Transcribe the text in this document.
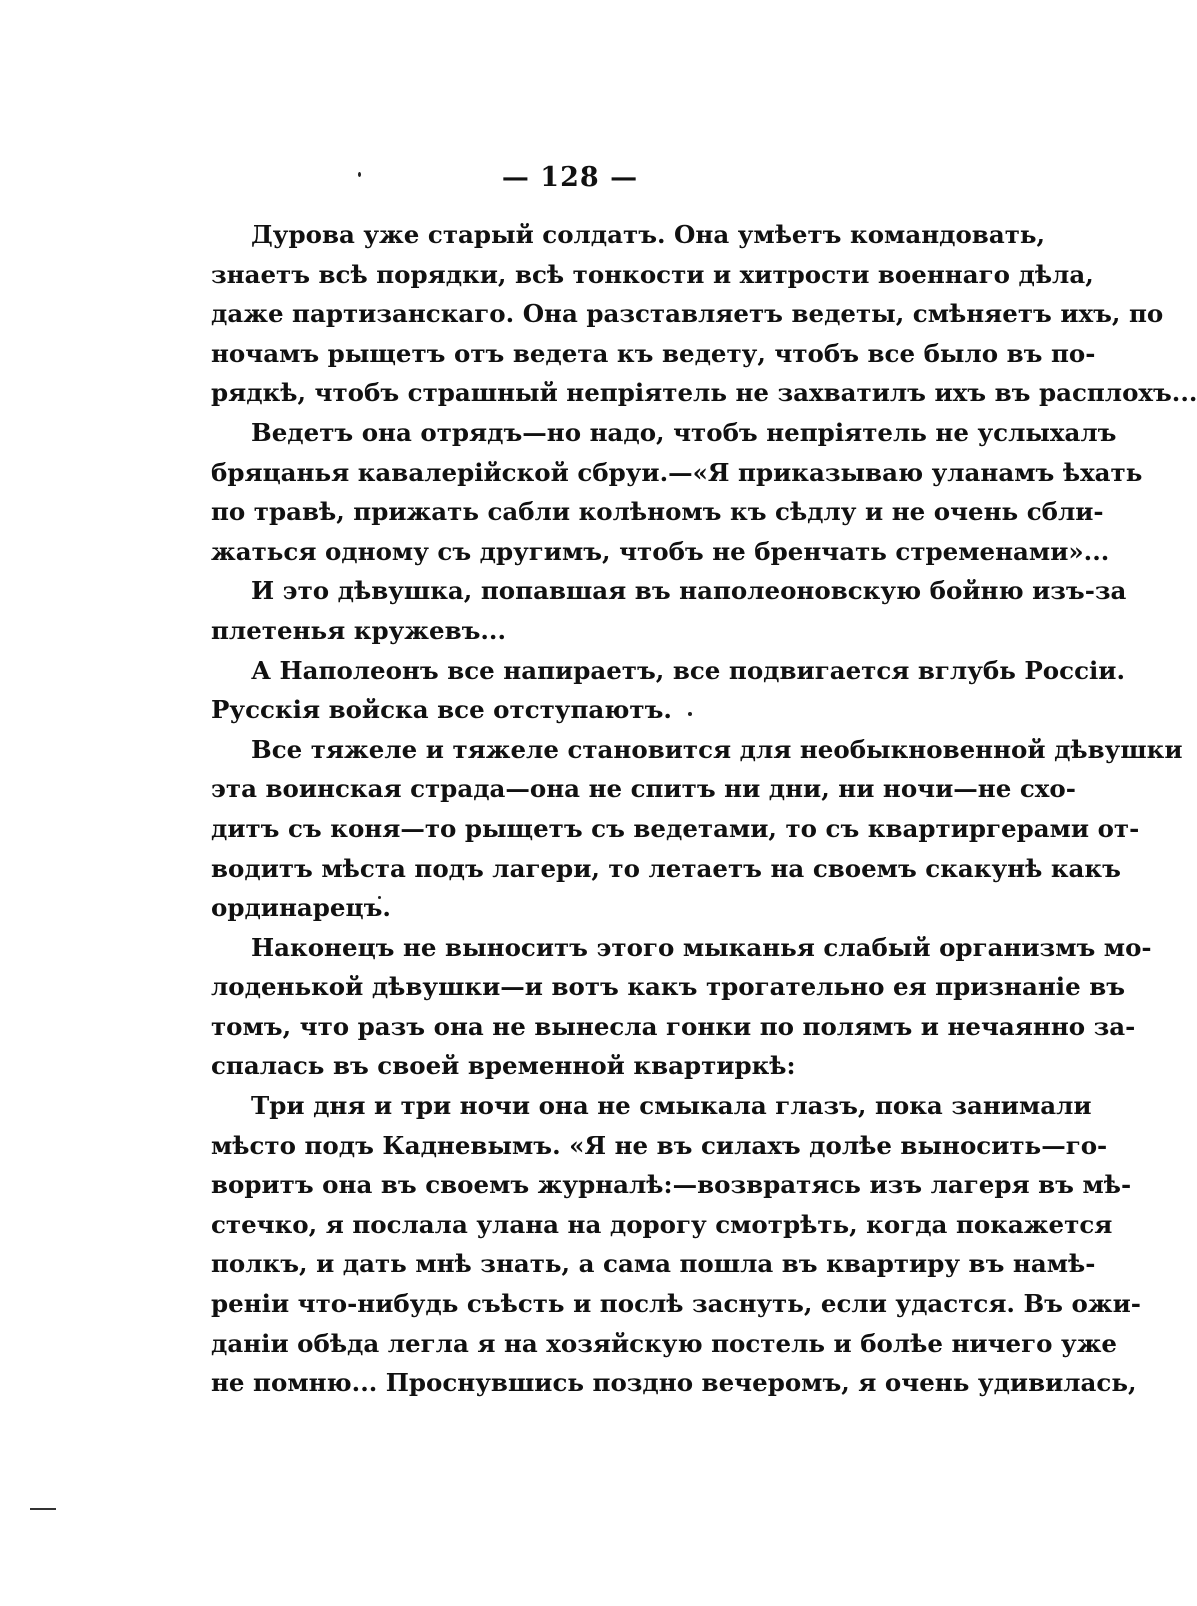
— 128 —
Дурова уже старый солдатъ. Она умѣетъ командовать,
знаетъ всѣ порядки, всѣ тонкости и хитрости военнаго дѣла,
даже партизанскаго. Она разставляетъ ведеты, смѣняетъ ихъ, по
ночамъ рыщетъ отъ ведета къ ведету, чтобъ все было въ по-
рядкѣ, чтобъ страшный непріятель не захватилъ ихъ въ расплохъ...
Ведетъ она отрядъ—но надо, чтобъ непріятель не услыхалъ
бряцанья кавалерійской сбруи.—«Я приказываю уланамъ ѣхать
по травѣ, прижать сабли колѣномъ къ сѣдлу и не очень сбли-
жаться одному съ другимъ, чтобъ не бренчать стременами»...
И это дѣвушка, попавшая въ наполеоновскую бойню изъ-за
плетенья кружевъ...
А Наполеонъ все напираетъ, все подвигается вглубь Россіи.
Русскія войска все отступаютъ.
Все тяжеле и тяжеле становится для необыкновенной дѣвушки
эта воинская страда—она не спитъ ни дни, ни ночи—не схо-
дитъ съ коня—то рыщетъ съ ведетами, то съ квартиргерами от-
водитъ мѣста подъ лагери, то летаетъ на своемъ скакунѣ какъ
ординарецъ.
Наконецъ не выноситъ этого мыканья слабый организмъ мо-
лоденькой дѣвушки—и вотъ какъ трогательно ея признаніе въ
томъ, что разъ она не вынесла гонки по полямъ и нечаянно за-
спалась въ своей временной квартиркѣ:
Три дня и три ночи она не смыкала глазъ, пока занимали
мѣсто подъ Кадневымъ. «Я не въ силахъ долѣе выносить—го-
воритъ она въ своемъ журналѣ:—возвратясь изъ лагеря въ мѣ-
стечко, я послала улана на дорогу смотрѣть, когда покажется
полкъ, и дать мнѣ знать, а сама пошла въ квартиру въ намѣ-
реніи что-нибудь съѣсть и послѣ заснуть, если удастся. Въ ожи-
даніи обѣда легла я на хозяйскую постель и болѣе ничего уже
не помню... Проснувшись поздно вечеромъ, я очень удивилась,
